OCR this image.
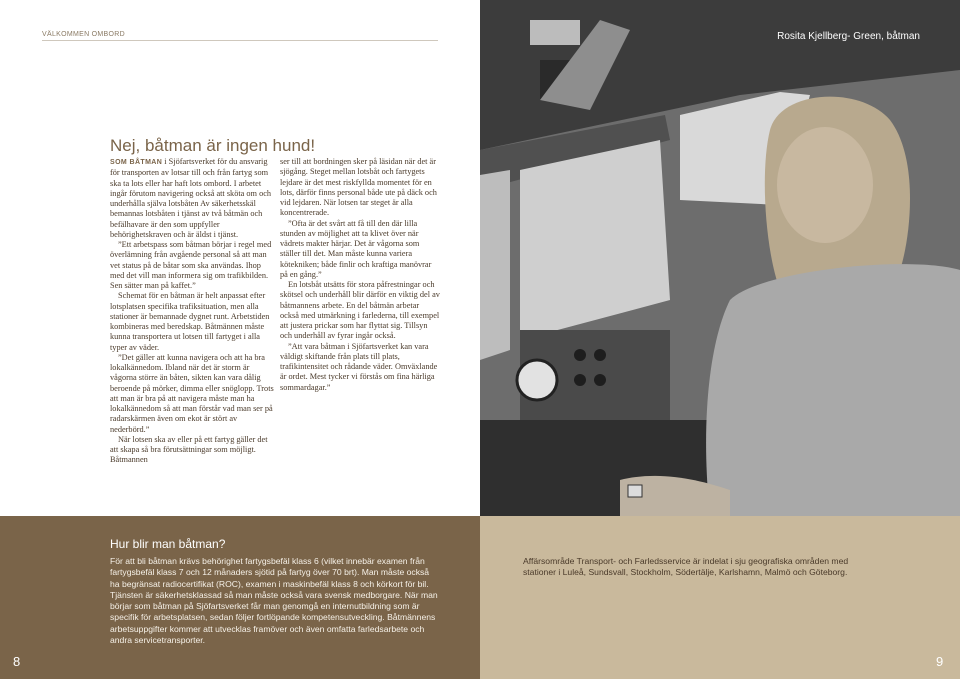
VÄLKOMMEN OMBORD
Nej, båtman är ingen hund!

SOM BÅTMAN i Sjöfartsverket för du ansvarig för transporten av lotsar till och från fartyg som ska ta lots eller har haft lots ombord. I arbetet ingår förutom navigering också att sköta om och underhålla själva lotsbåten Av säkerhetsskäl bemannas lotsbåten i tjänst av två båtmän och befälhavare är den som uppfyller behörighetskraven och är äldst i tjänst.

”Ett arbetspass som båtman börjar i regel med överlämning från avgående personal så att man vet status på de båtar som ska användas. Ihop med det vill man informera sig om trafikbilden. Sen sätter man på kaffet.”

Schemat för en båtman är helt anpassat efter lotsplatsen specifika trafiksituation, men alla stationer är bemannade dygnet runt. Arbetstiden kombineras med beredskap. Båtmännen måste kunna transportera ut lotsen till fartyget i alla typer av väder.

”Det gäller att kunna navigera och att ha bra lokalkännedom. Ibland när det är storm är vågorna större än båten, sikten kan vara dålig beroende på mörker, dimma eller snöglopp. Trots att man är bra på att navigera måste man ha lokalkännedom så att man förstår vad man ser på radarskärmen även om ekot är stört av nederbörd.”

När lotsen ska av eller på ett fartyg gäller det att skapa så bra förutsättningar som möjligt. Båtmannen

ser till att bordningen sker på läsidan när det är sjögång. Steget mellan lotsbåt och fartygets lejdare är det mest riskfyllda momentet för en lots, därför finns personal både ute på däck och vid lejdaren. När lotsen tar steget är alla koncentrerade.

”Ofta är det svårt att få till den där lilla stunden av möjlighet att ta klivet över när vädrets makter härjar. Det är vågorna som ställer till det. Man måste kunna variera kötekniken; både finlir och kraftiga manövrar på en gång.”

En lotsbåt utsätts för stora påfrestningar och skötsel och underhåll blir därför en viktig del av båtmannens arbete. En del båtmän arbetar också med utmärkning i farlederna, till exempel att justera prickar som har flyttat sig. Tillsyn och underhåll av fyrar ingår också.

”Att vara båtman i Sjöfartsverket kan vara väldigt skiftande från plats till plats, trafikintensitet och rådande väder. Omväxlande är ordet. Mest tycker vi förstås om fina härliga sommardagar.”

Rosita Kjellberg- Green, båtman
Hur blir man båtman?
För att bli båtman krävs behörighet fartygsbefäl klass 6 (vilket innebär examen från fartygsbefäl klass 7 och 12 månaders sjötid på fartyg över 70 brt). Man måste också ha begränsat radiocertifikat (ROC), examen i maskinbefäl klass 8 och körkort för bil. Tjänsten är säkerhetsklassad så man måste också vara svensk medborgare. När man börjar som båtman på Sjöfartsverket får man genomgå en internutbildning som är specifik för arbetsplatsen, sedan följer fortlöpande kompetensutveckling. Båtmännens arbetsuppgifter kommer att utvecklas framöver och även omfatta farledsarbete och andra servicetransporter.
Affärsområde Transport- och Farledsservice är indelat i sju geografiska områden med stationer i Luleå, Sundsvall, Stockholm, Södertälje, Karlshamn, Malmö och Göteborg.
8	9
